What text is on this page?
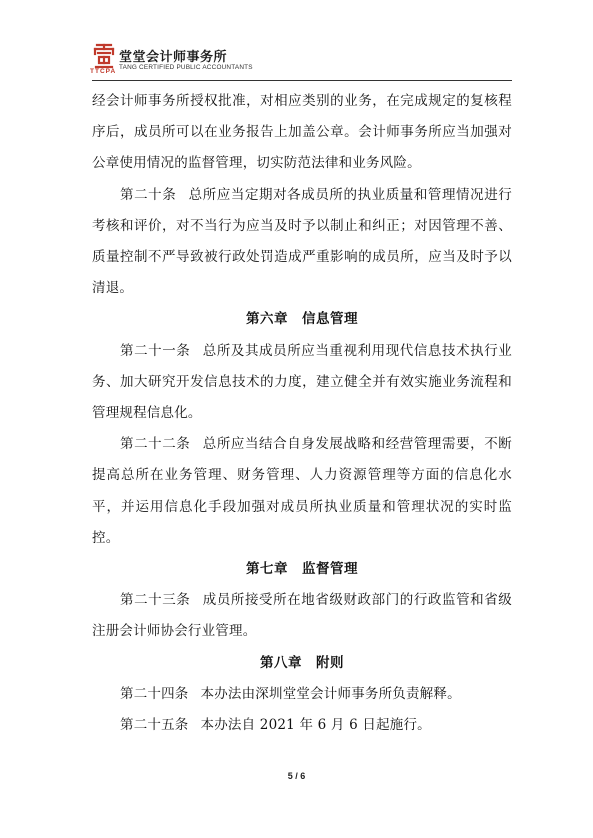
TTCPA
堂堂会计师事务所
TANG CERTIFIED PUBLIC ACCOUNTANTS

经会计师事务所授权批准，对相应类别的业务，在完成规定的复核程序后，成员所可以在业务报告上加盖公章。会计师事务所应当加强对公章使用情况的监督管理，切实防范法律和业务风险。

第二十条 总所应当定期对各成员所的执业质量和管理情况进行考核和评价，对不当行为应当及时予以制止和纠正；对因管理不善、质量控制不严导致被行政处罚造成严重影响的成员所，应当及时予以清退。

第六章 信息管理

第二十一条 总所及其成员所应当重视利用现代信息技术执行业务、加大研究开发信息技术的力度，建立健全并有效实施业务流程和管理规程信息化。

第二十二条 总所应当结合自身发展战略和经营管理需要，不断提高总所在业务管理、财务管理、人力资源管理等方面的信息化水平，并运用信息化手段加强对成员所执业质量和管理状况的实时监控。

第七章 监督管理

第二十三条 成员所接受所在地省级财政部门的行政监管和省级注册会计师协会行业管理。

第八章 附则

第二十四条 本办法由深圳堂堂会计师事务所负责解释。

第二十五条 本办法自 2021 年 6 月 6 日起施行。

5 / 6
